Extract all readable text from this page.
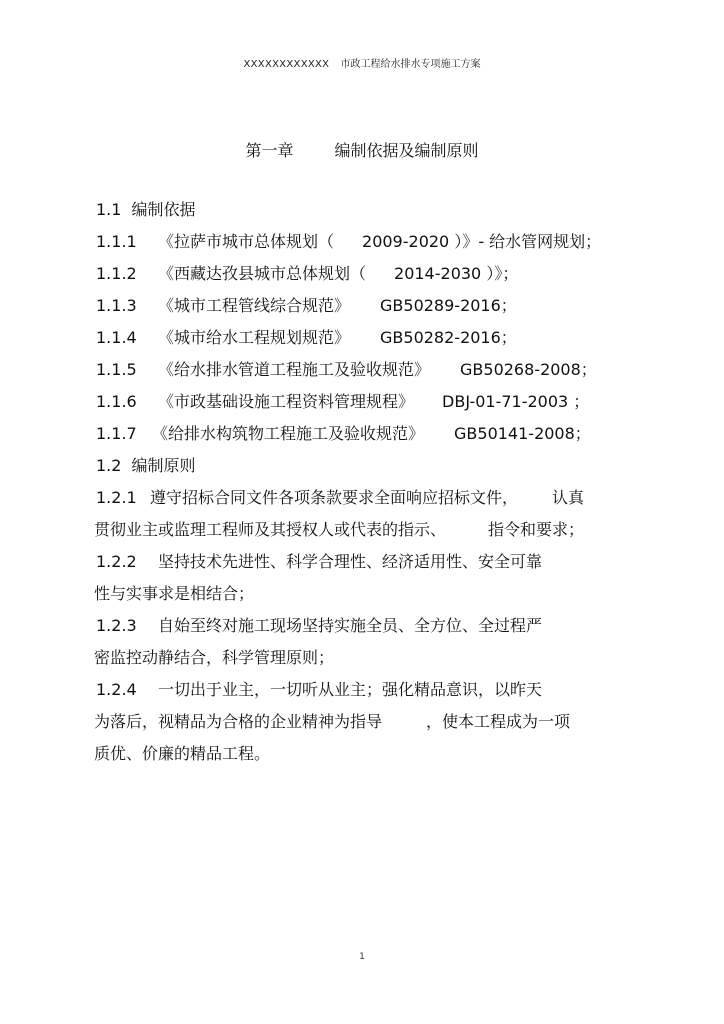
XXXXXXXXXXXX 市政工程给水排水专项施工方案
第一章	编制依据及编制原则
1.1 编制依据
1.1.1 《拉萨市城市总体规划（ 2009-2020 ）》- 给水管网规划；
1.1.2 《西藏达孜县城市总体规划（ 2014-2030 ）》；
1.1.3 《城市工程管线综合规范》 GB50289-2016；
1.1.4 《城市给水工程规划规范》 GB50282-2016；
1.1.5 《给水排水管道工程施工及验收规范》 GB50268-2008；
1.1.6 《市政基础设施工程资料管理规程》 DBJ-01-71-2003 ；
1.1.7 《给排水构筑物工程施工及验收规范》 GB50141-2008；
1.2 编制原则
1.2.1 遵守招标合同文件各项条款要求全面响应招标文件， 认真
贯彻业主或监理工程师及其授权人或代表的指示、	指令和要求；
1.2.2 坚持技术先进性、科学合理性、经济适用性、安全可靠
性与实事求是相结合；
1.2.3 自始至终对施工现场坚持实施全员、全方位、全过程严
密监控动静结合，科学管理原则；
1.2.4 一切出于业主，一切听从业主；强化精品意识，以昨天
为落后，视精品为合格的企业精神为指导	，使本工程成为一项
质优、价廉的精品工程。
1
